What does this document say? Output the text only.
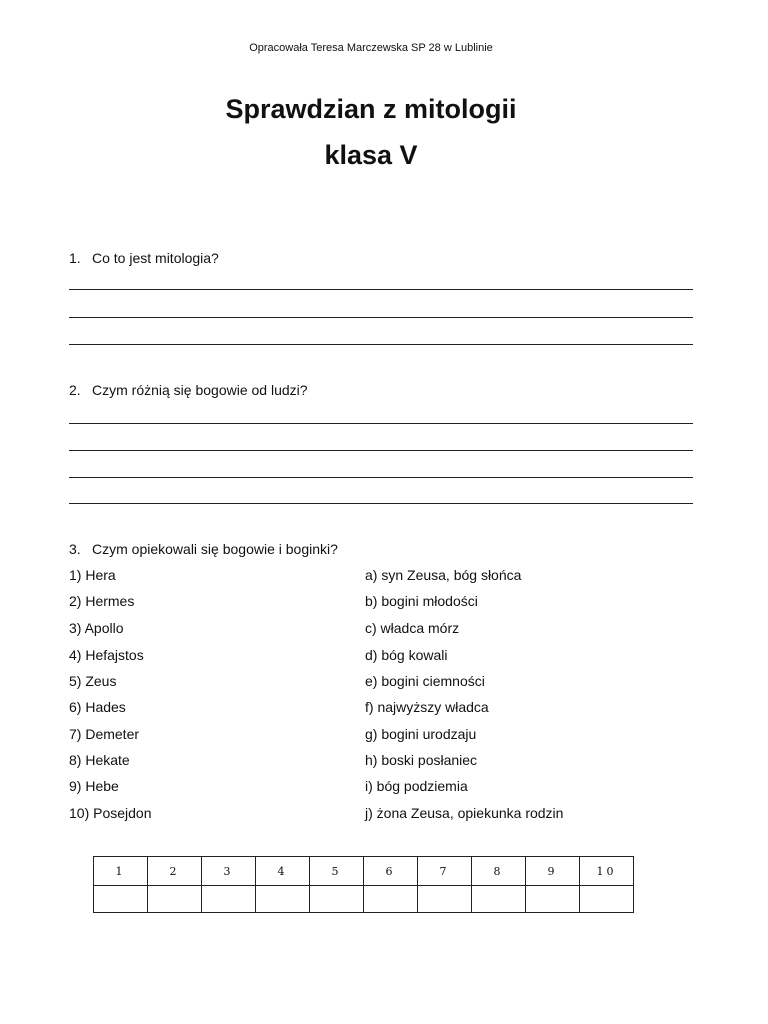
Opracowała Teresa Marczewska SP 28 w Lublinie
Sprawdzian z mitologii
klasa V
1. Co to jest mitologia?
2. Czym różnią się bogowie od ludzi?
3. Czym opiekowali się bogowie i boginki?
1) Hera	a) syn Zeusa, bóg słońca
2) Hermes	b) bogini młodości
3) Apollo	c) władca mórz
4) Hefajstos	d) bóg kowali
5) Zeus	e) bogini ciemności
6) Hades	f) najwyższy władca
7) Demeter	g) bogini urodzaju
8) Hekate	h) boski posłaniec
9) Hebe	i) bóg podziemia
10) Posejdon	j) żona Zeusa, opiekunka rodzin
1	2	3	4	5	6	7	8	9	10
